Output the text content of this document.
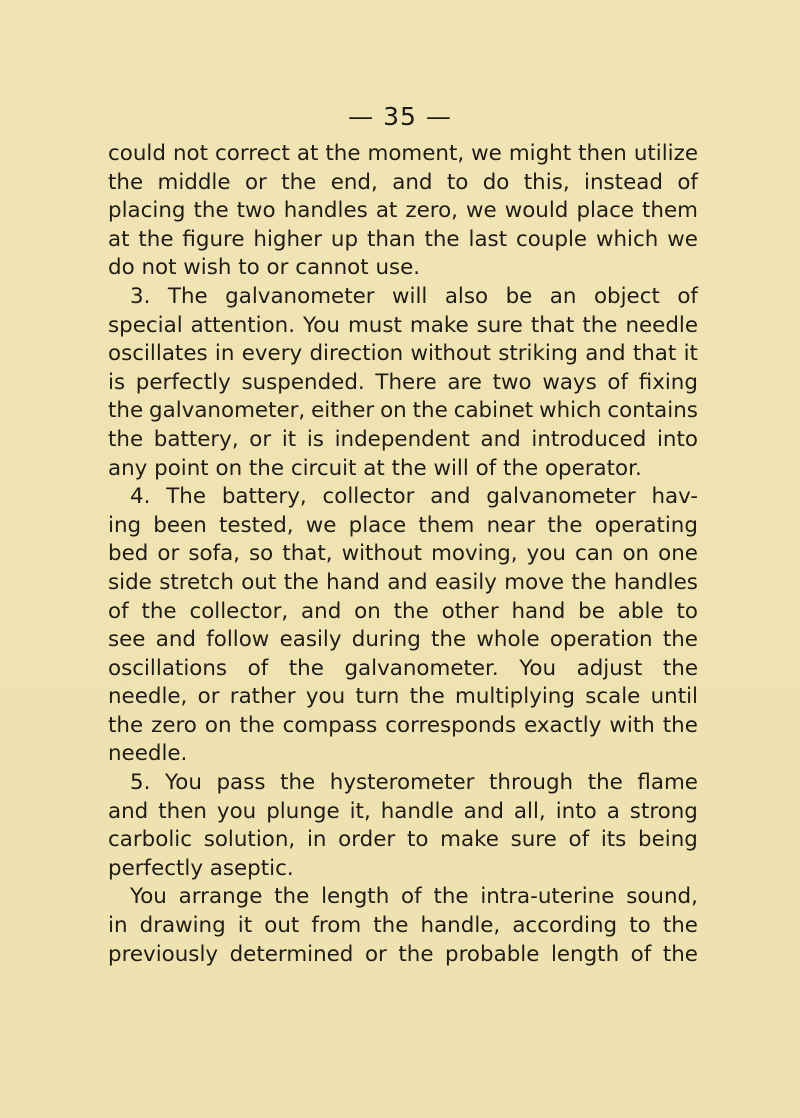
— 35 —
could not correct at the moment, we might then utilize
the middle or the end, and to do this, instead of
placing the two handles at zero, we would place them
at the figure higher up than the last couple which we
do not wish to or cannot use.
3. The galvanometer will also be an object of
special attention. You must make sure that the needle
oscillates in every direction without striking and that it
is perfectly suspended. There are two ways of fixing
the galvanometer, either on the cabinet which contains
the battery, or it is independent and introduced into
any point on the circuit at the will of the operator.
4. The battery, collector and galvanometer hav-
ing been tested, we place them near the operating
bed or sofa, so that, without moving, you can on one
side stretch out the hand and easily move the handles
of the collector, and on the other hand be able to
see and follow easily during the whole operation the
oscillations of the galvanometer. You adjust the
needle, or rather you turn the multiplying scale until
the zero on the compass corresponds exactly with the
needle.
5. You pass the hysterometer through the flame
and then you plunge it, handle and all, into a strong
carbolic solution, in order to make sure of its being
perfectly aseptic.
You arrange the length of the intra-uterine sound,
in drawing it out from the handle, according to the
previously determined or the probable length of the
